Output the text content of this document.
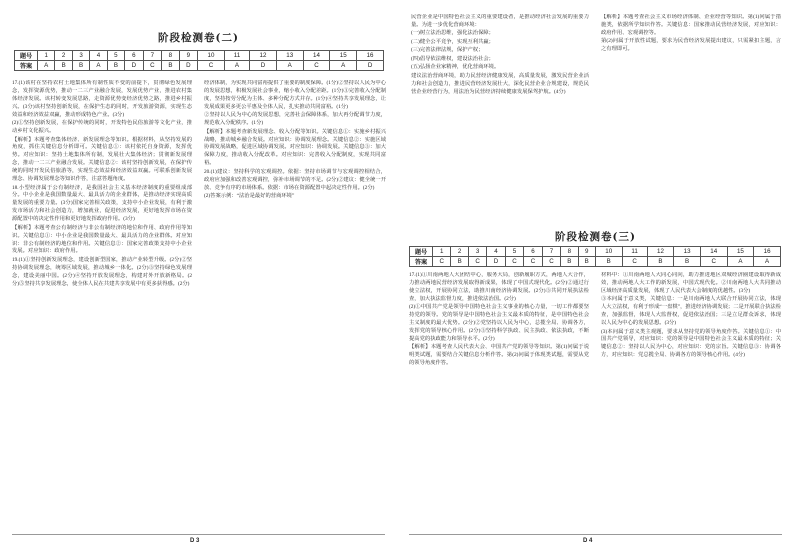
阶段检测卷(二)
题号	1	2	3	4	5	6	7	8	9	10	11	12	13	14	15	16
答案	A	B	B	A	B	D	C	B	D	C	A	D	A	C	A	D

17.(1)该村在坚持农村土地集体所有制性质不变的前提下，贯彻绿色发展理念，发挥资源优势，推动一二三产业融合发展，发展优势产业，推进农村集体经济发展。该村转变发展思路，走资源优势变经济优势之路，推进乡村振兴。(3分)该村坚持创新发展，在保护生态的同时，开发旅游资源，实现生态效益和经济效益双赢，推动形成特色产业。(3分)

(2)①坚持创新发展，在保护传统的同时，开发特色民俗旅游等文化产业，推动乡村文化振兴。

【解析】本题考查集体经济、新发展理念等知识。根据材料，从坚持发展的角度，抓住关键信息分析即可。关键信息①：该村依托自身资源，发挥优势。对应知识：坚持土地集体所有制，发展壮大集体经济；贯彻新发展理念，推动一二三产业融合发展。关键信息②：该村坚持创新发展，在保护传统的同时开发民俗旅游等，实现生态效益和经济效益双赢。可联系创新发展理念、协调发展理念等知识作答，注意答题角度。

18.小型经济属于公有制经济，是我国社会主义基本经济制度的重要组成部分。中小企业是我国数量最大、最具活力的企业群体，是推动经济实现高质量发展的重要力量。(3分)国家完善相关政策，支持中小企业发展，有利于激发市场活力和社会创造力，增加就业，促进经济发展，更好地发挥市场在资源配置中的决定性作用和更好地发挥政府作用。(3分)

【解析】本题考查公有制经济与非公有制经济的地位和作用、政府作用等知识。关键信息①：中小企业是我国数量最大、最具活力的企业群体。对应知识：非公有制经济的地位和作用。关键信息②：国家完善政策支持中小企业发展。对应知识：政府作用。

19.(1)①坚持创新发展理念，建设创新型国家，推动产业转型升级。(2分)②坚持协调发展理念，统筹区域发展，推动城乡一体化。(2分)③坚持绿色发展理念，建设美丽中国。(2分)④坚持开放发展理念，构建对外开放新格局。(2分)⑤坚持共享发展理念，使全体人民在共建共享发展中有更多获得感。(2分)

经济体制，为实现共同富裕提供了重要的制度保障。(1分)②坚持以人民为中心的发展思想，积极发展社会事业，缩小收入分配差距。(1分)③完善收入分配制度，坚持按劳分配为主体、多种分配方式并存。(1分)④坚持共享发展理念，让发展成果更多更公平惠及全体人民，扎实推动共同富裕。(1分)

②坚持以人民为中心的发展思想，完善社会保障体系，加大再分配调节力度，规范收入分配秩序。(1分)

【解析】本题考查新发展理念、收入分配等知识。关键信息①：实施乡村振兴战略，推动城乡融合发展。对应知识：协调发展理念。关键信息②：实施区域协调发展战略，促进区域协调发展。对应知识：协调发展。关键信息③：加大保障力度，推动收入分配改革。对应知识：完善收入分配制度，实现共同富裕。

20.(1)建议：坚持科学的宏观调控。依据：坚持市场调节与宏观调控相结合，政府应加强和改善宏观调控，弥补市场调节的不足。(2分)②建议：健全统一开放、竞争有序的市场体系。依据：市场在资源配置中起决定性作用。(2分)

(2)答案示例：“法治是最好的营商环境”

D 3

民营企业是中国特色社会主义的重要建设者，是推动经济社会发展的重要力量。为进一步优化营商环境：

(一)树立法治思维，强化法治保障；

(二)健全公平竞争，实现互利共赢；

(三)完善法律法规，保护产权；

(四)倡导依法维权，建设法治社会；

(五)弘扬企业家精神，优化营商环境。

建议法治营商环境，助力民营经济健康发展，高质量发展，激发民营企业活力和社会创造力，推进民营经济发展壮大，深化民营企业合规建设，规范民营企业经营行为，用法治为民营经济持续健康发展保驾护航。(4分)

【解析】本题考查社会主义市场经济体制、企业经营等知识。第(1)问属于措施类，依据所学知识作答。关键信息：国家推动民营经济发展，对应知识：政府作用、宏观调控等。

第(2)问属于开放性试题，要求为民营经济发展提出建议，只需紧扣主题，言之有理即可。

阶段检测卷(三)
题号	1	2	3	4	5	6	7	8	9	10	11	12	13	14	15	16
答案	C	B	C	D	C	C	C	B	B	B	C	B	B	C	A	A

17.(1)①川南两地人大团结中心，服务大局，创新履职方式，两地人大合作，力推动两地民营经济发展取得新成果，体现了中国式现代化。(2分)②通过行使立法权，开展协同立法，助推川南经济协调发展。(2分)③共同开展执法检查，加大执法监督力度，推进依法治国。(2分)

(2)①中国共产党是领导中国特色社会主义事业的核心力量，一切工作都要坚持党的领导。党的领导是中国特色社会主义最本质的特征，是中国特色社会主义制度的最大优势。(2分)②党坚持以人民为中心，总揽全局、协调各方，发挥党的领导核心作用。(2分)③坚持科学执政、民主执政、依法执政，不断提高党的执政能力和领导水平。(2分)

【解析】本题考查人民代表大会、中国共产党的领导等知识。第(1)问属于说明类试题，需要结合关键信息分析作答。第(2)问属于体现类试题，需要从党的领导角度作答。

材料中：①川南两地人大同心同向，助力推进地区双城经济圈建设取得新成效，推动两地人大工作的新发展，中国式现代化。②川南两地人大共同推动区域经济高质量发展，体现了人民代表大会制度的优越性。(3分)

③本问属于意义类，关键信息：一是川南两地人大联合开展协同立法，体现人大立法权，有利于形成“一盘棋”，推进经济协调发展；二是开展联合执法检查，加强监督，体现人大监督权，促进依法治国；三是立足群众诉求，体现以人民为中心的发展思想。(3分)

(3)本问属于意义类主观题，要求从坚持党的领导角度作答。关键信息①：中国共产党领导，对应知识：党的领导是中国特色社会主义最本质的特征；关键信息②：坚持以人民为中心，对应知识：党的宗旨。关键信息③：协调各方，对应知识：党总揽全局、协调各方的领导核心作用。(4分)

D 4
